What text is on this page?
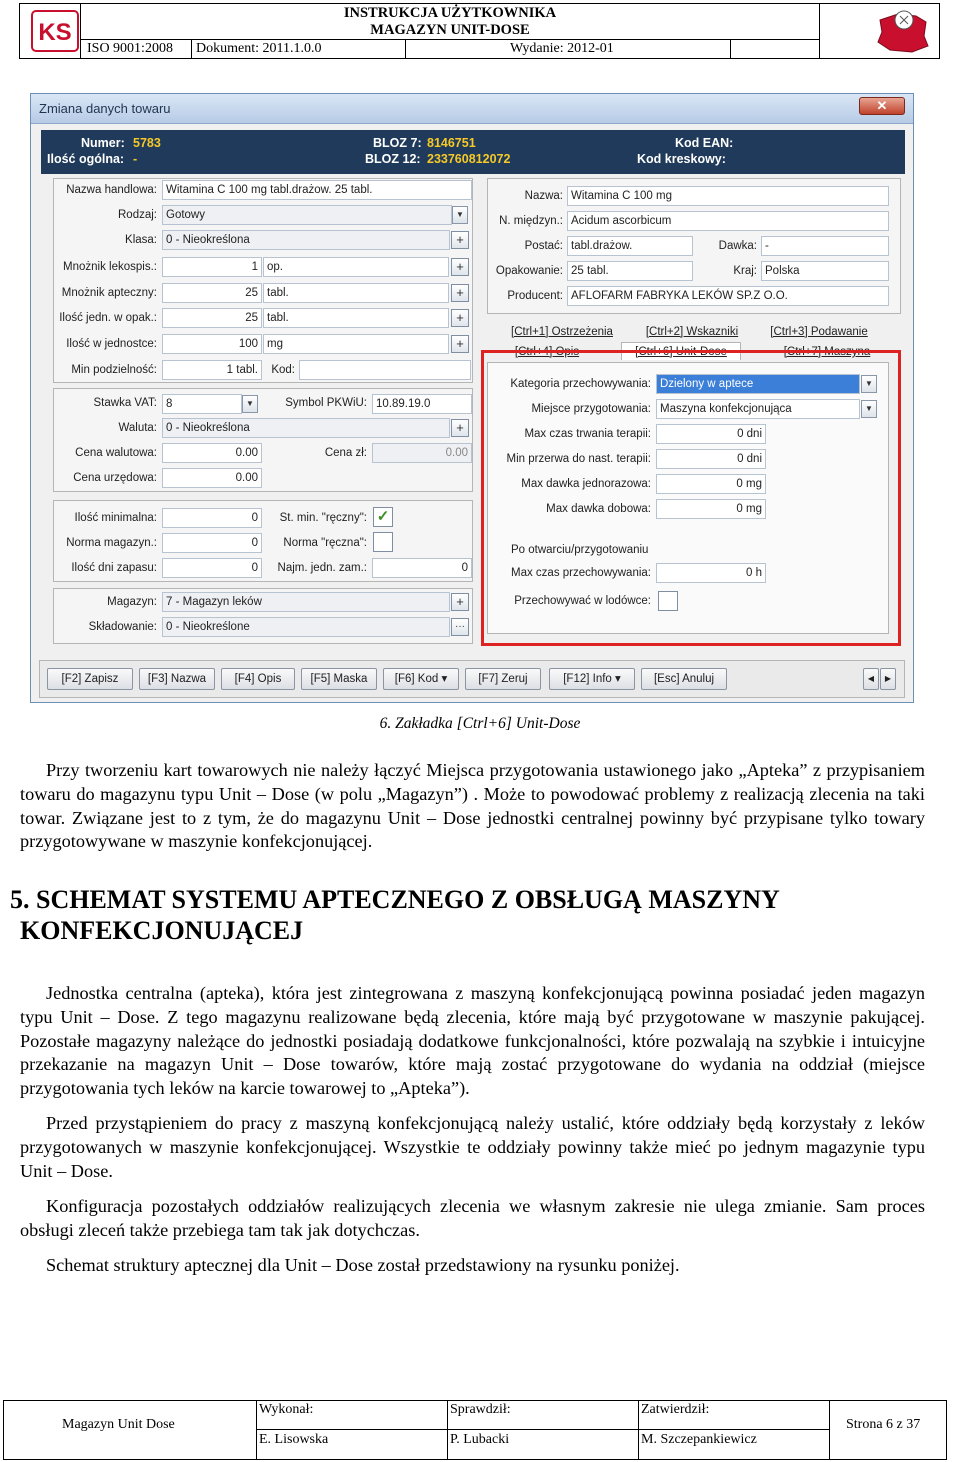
KS
INSTRUKCJA UŻYTKOWNIKA
MAGAZYN UNIT-DOSE
ISO 9001:2008	Dokument: 2011.1.0.0	Wydanie: 2012-01
Zmiana danych towaru	✕
Numer: 5783
Ilość ogólna: -
BLOZ 7: 8146751
BLOZ 12: 233760812072
Kod EAN:
Kod kreskowy:
Nazwa handlowa: Witamina C 100 mg tabl.drażow. 25 tabl.
Rodzaj: Gotowy	▼
Klasa: 0 - Nieokreślona	+
Mnożnik lekospis.:	1 op.	+
Mnożnik apteczny:	25 tabl.	+
Ilość jedn. w opak.:	25 tabl.	+
Ilość w jednostce:	100 mg	+
Min podzielność:	1 tabl.	Kod:
Stawka VAT: 8	▼	Symbol PKWiU: 10.89.19.0
Waluta: 0 - Nieokreślona	+
Cena walutowa:	0.00	Cena zł:	0.00
Cena urzędowa:	0.00
Ilość minimalna:	0	St. min. "ręczny": ✓
Norma magazyn.:	0	Norma "ręczna":
Ilość dni zapasu:	0	Najm. jedn. zam.:	0
Magazyn: 7 - Magazyn leków	+
Składowanie: 0 - Nieokreślone	···
Nazwa: Witamina C 100 mg
N. międzyn.: Acidum ascorbicum
Postać: tabl.drażow.	Dawka: -
Opakowanie: 25 tabl.	Kraj: Polska
Producent: AFLOFARM FABRYKA LEKÓW SP.Z O.O.
[Ctrl+1] Ostrzeżenia	[Ctrl+2] Wskazniki	[Ctrl+3] Podawanie
[Ctrl+4] Opis	[Ctrl+6] Unit-Dose	[Ctrl+7] Maszyna
Kategoria przechowywania: Dzielony w aptece	▼
Miejsce przygotowania: Maszyna konfekcjonująca	▼
Max czas trwania terapii:	0 dni
Min przerwa do nast. terapii:	0 dni
Max dawka jednorazowa:	0 mg
Max dawka dobowa:	0 mg
Po otwarciu/przygotowaniu
Max czas przechowywania:	0 h
Przechowywać w lodówce:
[F2] Zapisz	[F3] Nazwa	[F4] Opis	[F5] Maska	[F6] Kod ▾	[F7] Zeruj	[F12] Info ▾	[Esc] Anuluj	◀	▶
6. Zakładka [Ctrl+6] Unit-Dose
Przy tworzeniu kart towarowych nie należy łączyć Miejsca przygotowania ustawionego jako „Apteka” z przypisaniem towaru do magazynu typu Unit – Dose (w polu „Magazyn”) . Może to powodować problemy z realizacją zlecenia na taki towar. Związane jest to z tym, że do magazynu Unit – Dose jednostki centralnej powinny być przypisane tylko towary przygotowywane w maszynie konfekcjonującej.
5. SCHEMAT SYSTEMU APTECZNEGO Z OBSŁUGĄ MASZYNY
KONFEKCJONUJĄCEJ
Jednostka centralna (apteka), która jest zintegrowana z maszyną konfekcjonującą powinna posiadać jeden magazyn typu Unit – Dose. Z tego magazynu realizowane będą zlecenia, które mają być przygotowane w maszynie pakującej. Pozostałe magazyny należące do jednostki posiadają dodatkowe funkcjonalności, które pozwalają na szybkie i intuicyjne przekazanie na magazyn Unit – Dose towarów, które mają zostać przygotowane do wydania na oddział (miejsce przygotowania tych leków na karcie towarowej to „Apteka”).
Przed przystąpieniem do pracy z maszyną konfekcjonującą należy ustalić, które oddziały będą korzystały z leków przygotowanych w maszynie konfekcjonującej. Wszystkie te oddziały powinny także mieć po jednym magazynie typu Unit – Dose.
Konfiguracja pozostałych oddziałów realizujących zlecenia we własnym zakresie nie ulega zmianie. Sam proces obsługi zleceń także przebiega tam tak jak dotychczas.
Schemat struktury aptecznej dla Unit – Dose został przedstawiony na rysunku poniżej.
Magazyn Unit Dose
Wykonał:
E. Lisowska
Sprawdził:
P. Lubacki
Zatwierdził:
M. Szczepankiewicz
Strona 6 z 37
